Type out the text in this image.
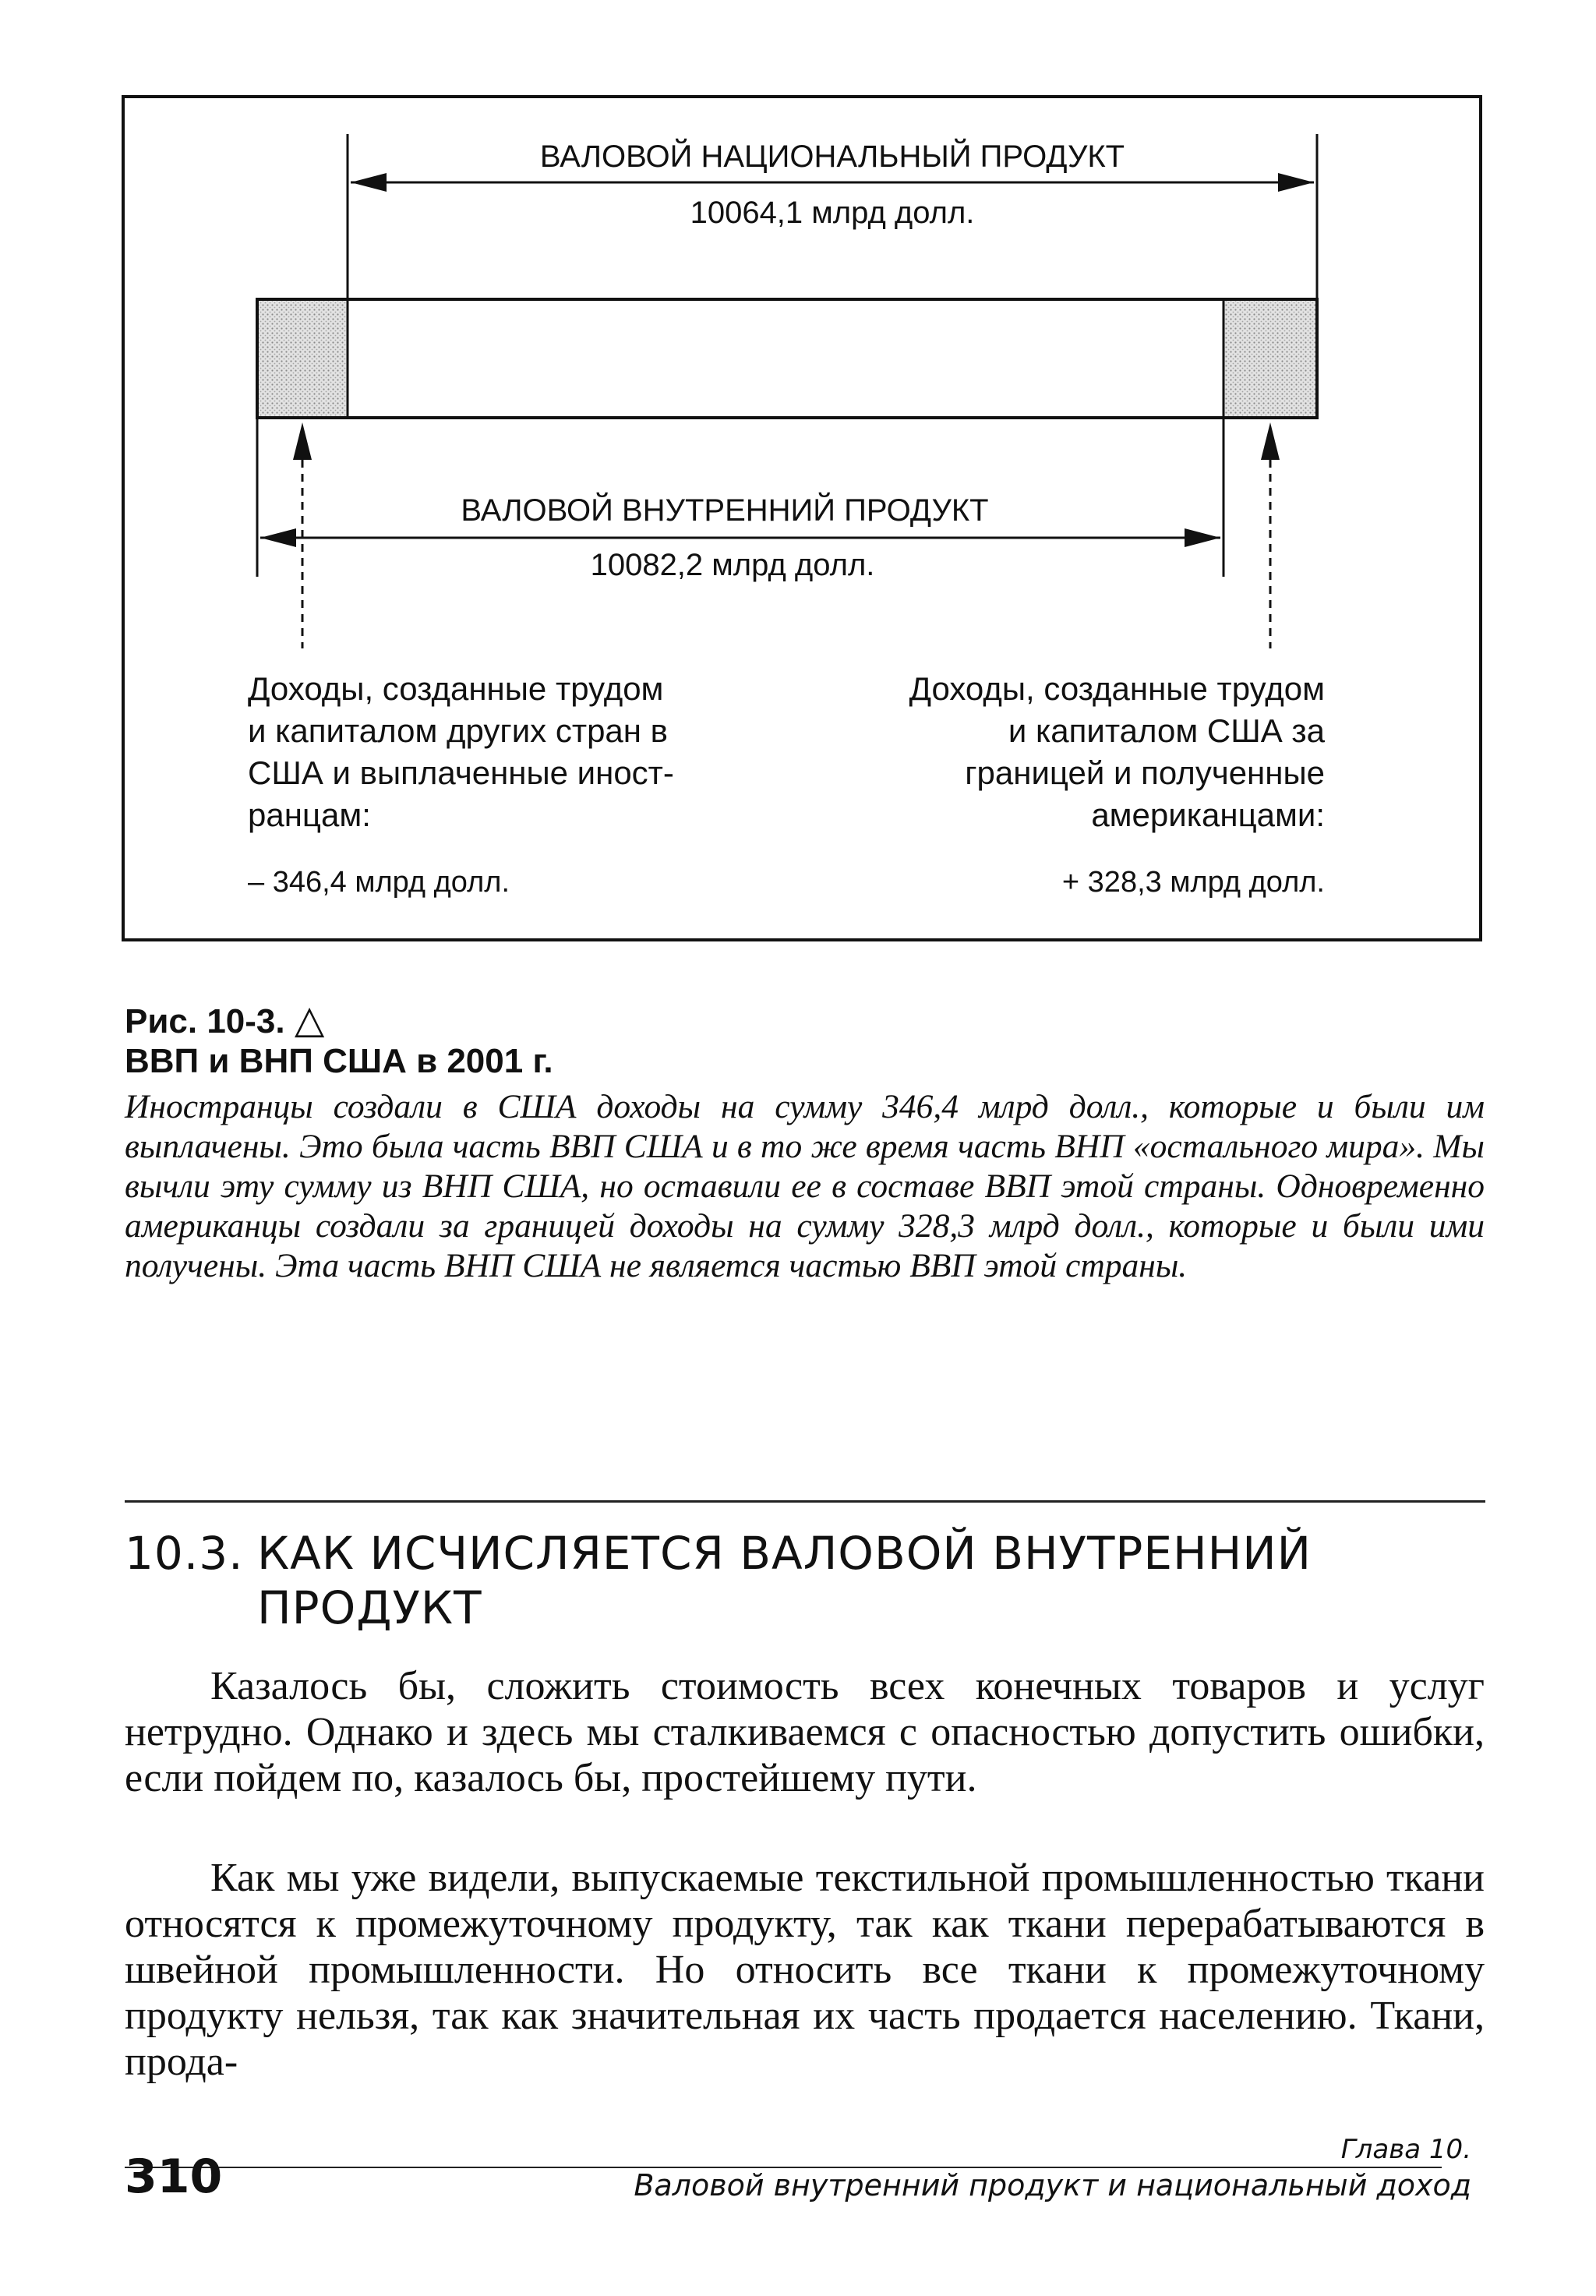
ВАЛОВОЙ НАЦИОНАЛЬНЫЙ ПРОДУКТ
10064,1 млрд долл.
ВАЛОВОЙ ВНУТРЕННИЙ ПРОДУКТ
10082,2 млрд долл.
Доходы, созданные трудом
и капиталом других стран в
США и выплаченные иност-
ранцам:
– 346,4 млрд долл.
Доходы, созданные трудом
и капиталом США за
границей и полученные
американцами:
+ 328,3 млрд долл.
Рис. 10-3. △
ВВП и ВНП США в 2001 г.
Иностранцы создали в США доходы на сумму 346,4 млрд долл., которые и были им выплачены. Это была часть ВВП США и в то же время часть ВНП «остального мира». Мы вычли эту сумму из ВНП США, но оставили ее в составе ВВП этой страны. Одновременно американцы создали за границей доходы на сумму 328,3 млрд долл., которые и были ими получены. Эта часть ВНП США не является частью ВВП этой страны.
10.3. КАК ИСЧИСЛЯЕТСЯ ВАЛОВОЙ ВНУТРЕННИЙ
ПРОДУКТ
Казалось бы, сложить стоимость всех конечных товаров и услуг нетрудно. Однако и здесь мы сталкиваемся с опасностью допустить ошибки, если пойдем по, казалось бы, простейшему пути.
Как мы уже видели, выпускаемые текстильной промышленностью ткани относятся к промежуточному продукту, так как ткани перерабатываются в швейной промышленности. Но относить все ткани к промежуточному продукту нельзя, так как значительная их часть продается населению. Ткани, прода-
Глава 10.
310	Валовой внутренний продукт и национальный доход
